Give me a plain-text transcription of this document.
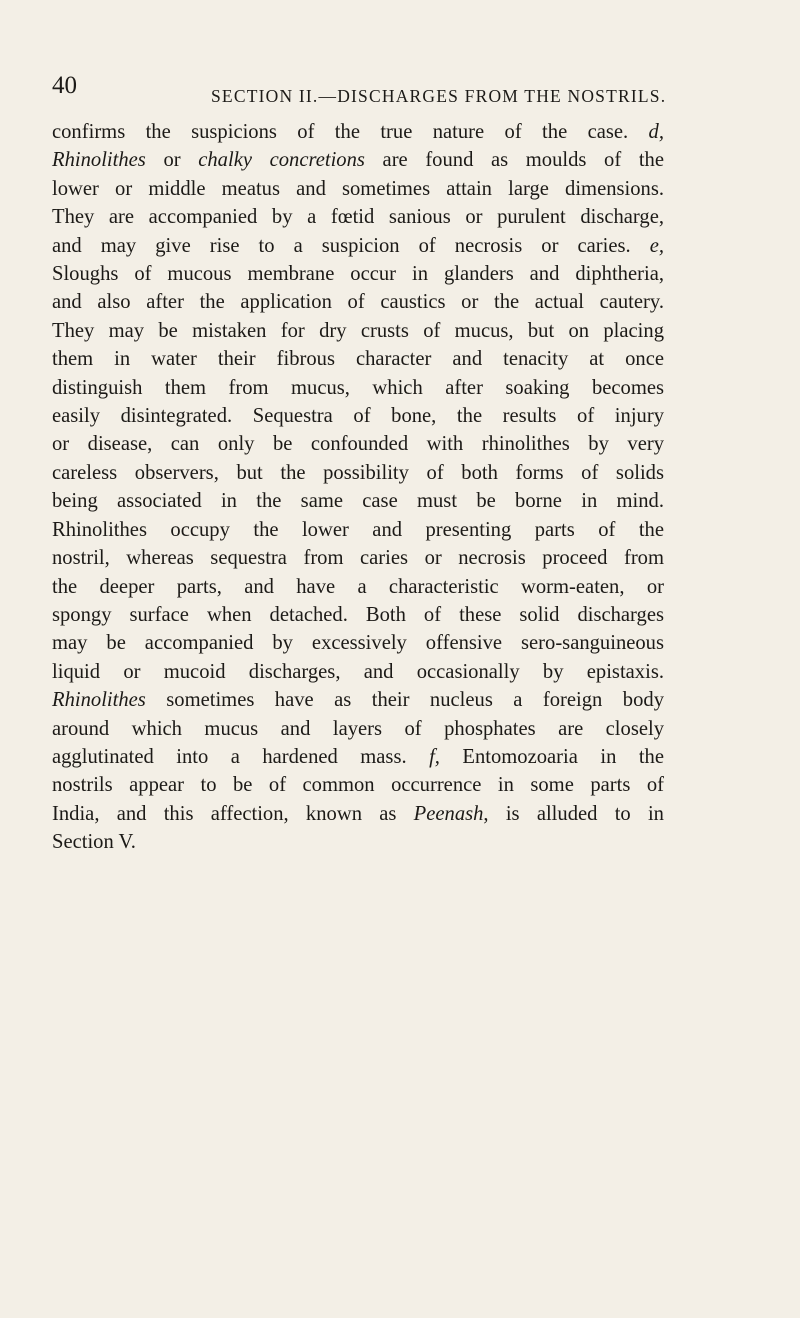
40	SECTION II.—DISCHARGES FROM THE NOSTRILS.
confirms the suspicions of the true nature of the case. d,
Rhinolithes or chalky concretions are found as moulds of the
lower or middle meatus and sometimes attain large dimensions.
They are accompanied by a fœtid sanious or purulent discharge,
and may give rise to a suspicion of necrosis or caries. e,
Sloughs of mucous membrane occur in glanders and diphtheria,
and also after the application of caustics or the actual cautery.
They may be mistaken for dry crusts of mucus, but on placing
them in water their fibrous character and tenacity at once
distinguish them from mucus, which after soaking becomes
easily disintegrated. Sequestra of bone, the results of injury
or disease, can only be confounded with rhinolithes by very
careless observers, but the possibility of both forms of solids
being associated in the same case must be borne in mind.
Rhinolithes occupy the lower and presenting parts of the
nostril, whereas sequestra from caries or necrosis proceed from
the deeper parts, and have a characteristic worm-eaten, or
spongy surface when detached. Both of these solid discharges
may be accompanied by excessively offensive sero-sanguineous
liquid or mucoid discharges, and occasionally by epistaxis.
Rhinolithes sometimes have as their nucleus a foreign body
around which mucus and layers of phosphates are closely
agglutinated into a hardened mass. f, Entomozoaria in the
nostrils appear to be of common occurrence in some parts of
India, and this affection, known as Peenash, is alluded to in
Section V.
